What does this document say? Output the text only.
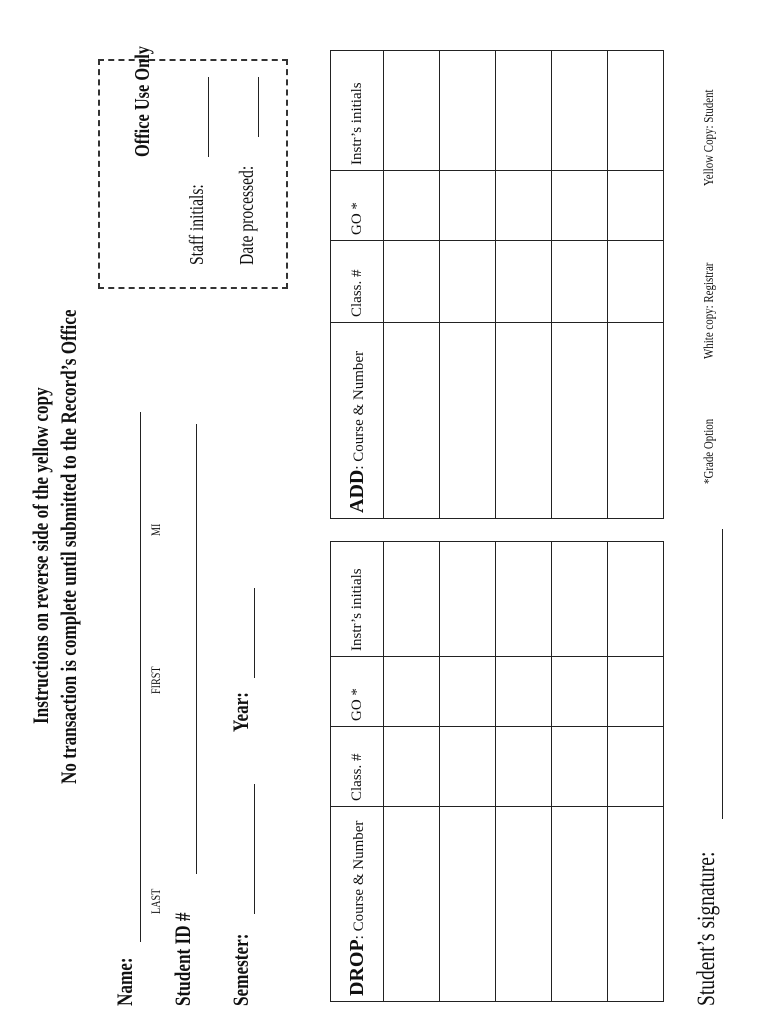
Instructions on reverse side of the yellow copy No transaction is complete until submitted to the Record’s Office
Name:
LAST
FIRST
MI
Student ID # Semester:
Year:
Office Use Only
Staff initials: Date processed:
DROP: Course & Number	Class. #	GO *	Instr’s initials

ADD: Course & Number	Class. #	GO *	Instr’s initials

Student’s signature:
*Grade Option
White copy: Registrar
Yellow Copy: Student
